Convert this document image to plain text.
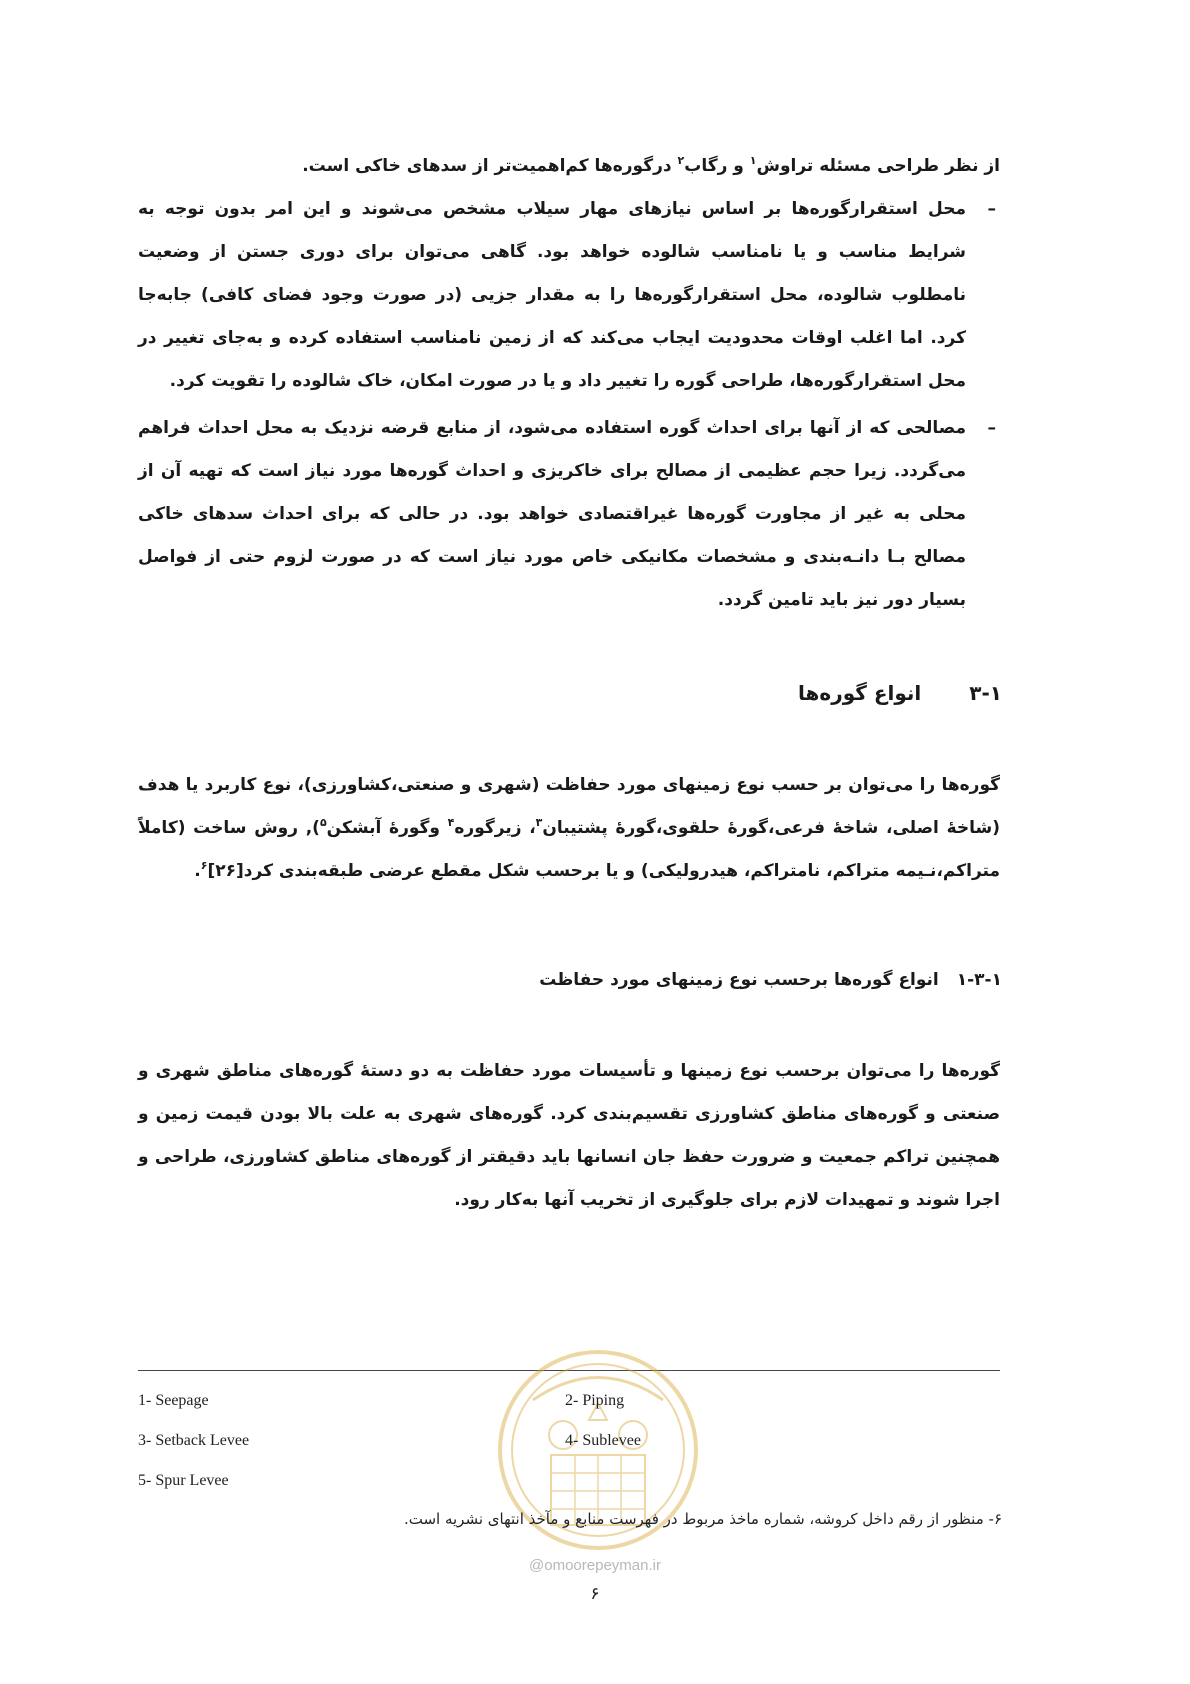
از نظر طراحی مسئله تراوش$^۱$ و رگاب$^۲$ درگوره‌ها کم‌اهمیت‌تر از سدهای خاکی است.

–
محل استقرارگوره‌ها بر اساس نیازهای مهار سیلاب مشخص می‌شوند و این امر بدون توجه به شرایط مناسب و یا نامناسب شالوده خواهد بود. گاهی می‌توان برای دوری جستن از وضعیت نامطلوب شالوده، محل استقرارگوره‌ها را به مقدار جزیی (در صورت وجود فضای کافی) جابه‌جا کرد. اما اغلب اوقات محدودیت ایجاب می‌کند که از زمین نامناسب استفاده کرده و به‌جای تغییر در محل استقرارگوره‌ها، طراحی گوره را تغییر داد و یا در صورت امکان، خاک شالوده را تقویت کرد.
–
مصالحی که از آنها برای احداث گوره استفاده می‌شود، از منابع قرضه نزدیک به محل احداث فراهم می‌گردد. زیرا حجم عظیمی از مصالح برای خاکریزی و احداث گوره‌ها مورد نیاز است که تهیه آن از محلی به غیر از مجاورت گوره‌ها غیراقتصادی خواهد بود. در حالی که برای احداث سدهای خاکی مصالح بـا دانـه‌بندی و مشخصات مکانیکی خاص مورد نیاز است که در صورت لزوم حتی از فواصل بسیار دور نیز باید تامین گردد.
۳-۱انواع گوره‌ها

گوره‌ها را می‌توان بر حسب نوع زمینهای مورد حفاظت (شهری و صنعتی،کشاورزی)، نوع کاربرد یا هدف (شاخهٔ اصلی، شاخهٔ فرعی،گورهٔ حلقوی،گورهٔ پشتیبان$^۳$، زیرگوره$^۴$ وگورهٔ آبشکن$^۵$), روش ساخت (کاملاً متراکم،نـیمه متراکم، نامتراکم، هیدرولیکی) و یا برحسب شکل مقطع عرضی طبقه‌بندی کرد[۲۶]$^۶$.

۱-۳-۱انواع گوره‌ها برحسب نوع زمینهای مورد حفاظت

گوره‌ها را می‌توان برحسب نوع زمینها و تأسیسات مورد حفاظت به دو دستهٔ گوره‌های مناطق شهری و صنعتی و گوره‌های مناطق کشاورزی تقسیم‌بندی کرد. گوره‌های شهری به علت بالا بودن قیمت زمین و همچنین تراکم جمعیت و ضرورت حفظ جان انسانها باید دقیقتر از گوره‌های مناطق کشاورزی، طراحی و اجرا شوند و تمهیدات لازم برای جلوگیری از تخریب آنها به‌کار رود.

1- Seepage	2- Piping
3- Setback Levee	4- Sublevee
5- Spur Levee
۶- منظور از رقم داخل کروشه، شماره ماخذ مربوط در فهرست منابع و مآخذ انتهای نشریه است.
@omoorepeyman.ir
۶
